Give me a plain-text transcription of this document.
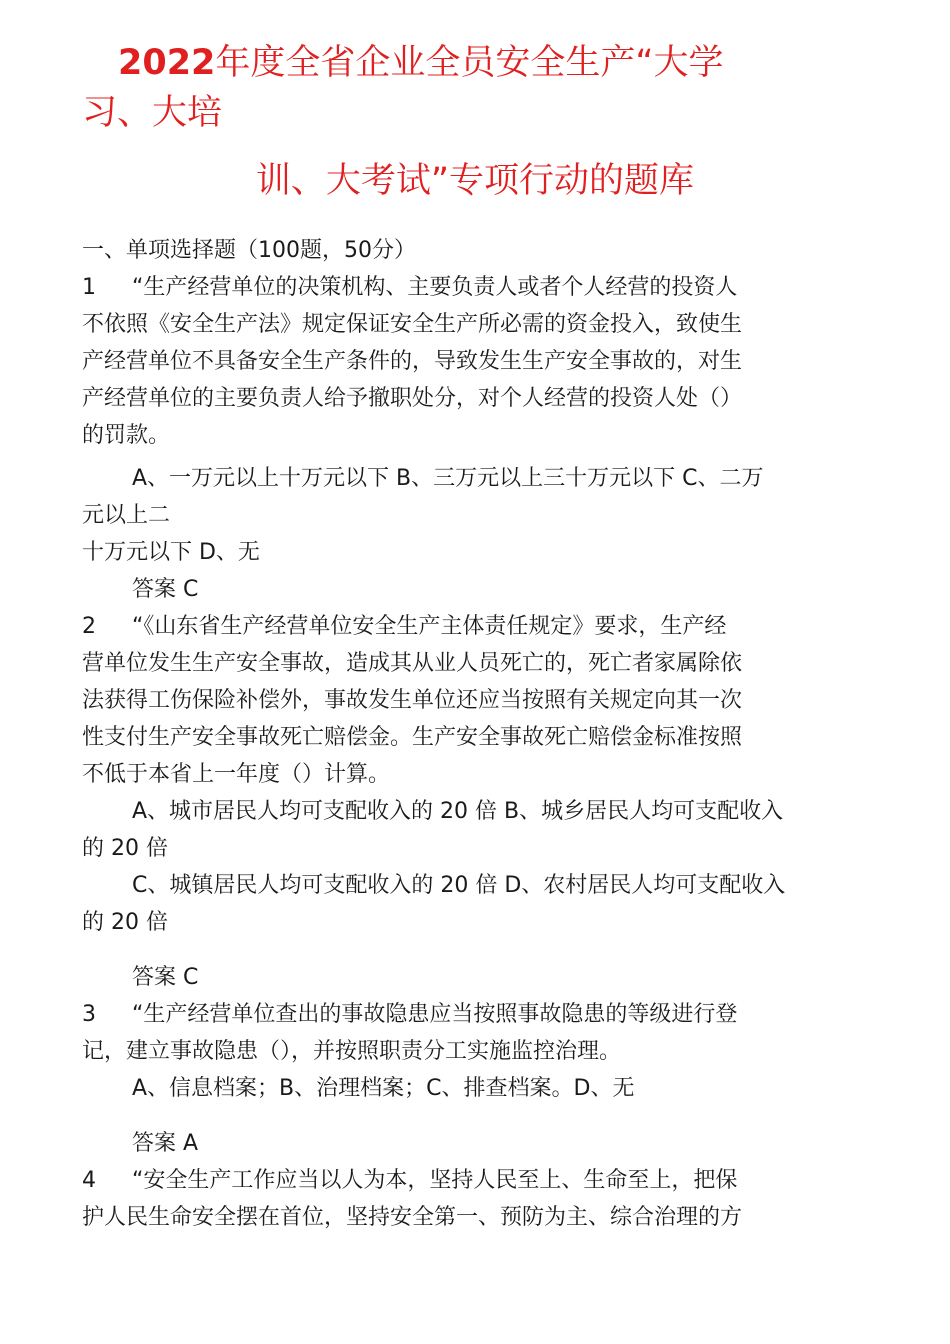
2022年度全省企业全员安全生产“大学
习、大培
训、大考试”专项行动的题库
一、单项选择题（100题，50分）
1 “生产经营单位的决策机构、主要负责人或者个人经营的投资人
不依照《安全生产法》规定保证安全生产所必需的资金投入，致使生
产经营单位不具备安全生产条件的，导致发生生产安全事故的，对生
产经营单位的主要负责人给予撤职处分，对个人经营的投资人处（）
的罚款。
A、一万元以上十万元以下 B、三万元以上三十万元以下 C、二万
元以上二
十万元以下 D、无
答案 C
2 “《山东省生产经营单位安全生产主体责任规定》要求，生产经
营单位发生生产安全事故，造成其从业人员死亡的，死亡者家属除依
法获得工伤保险补偿外，事故发生单位还应当按照有关规定向其一次
性支付生产安全事故死亡赔偿金。生产安全事故死亡赔偿金标准按照
不低于本省上一年度（）计算。
A、城市居民人均可支配收入的 20 倍 B、城乡居民人均可支配收入
的 20 倍
C、城镇居民人均可支配收入的 20 倍 D、农村居民人均可支配收入
的 20 倍
答案 C
3 “生产经营单位查出的事故隐患应当按照事故隐患的等级进行登
记，建立事故隐患（），并按照职责分工实施监控治理。
A、信息档案；B、治理档案；C、排查档案。D、无
答案 A
4 “安全生产工作应当以人为本，坚持人民至上、生命至上，把保
护人民生命安全摆在首位，坚持安全第一、预防为主、综合治理的方
